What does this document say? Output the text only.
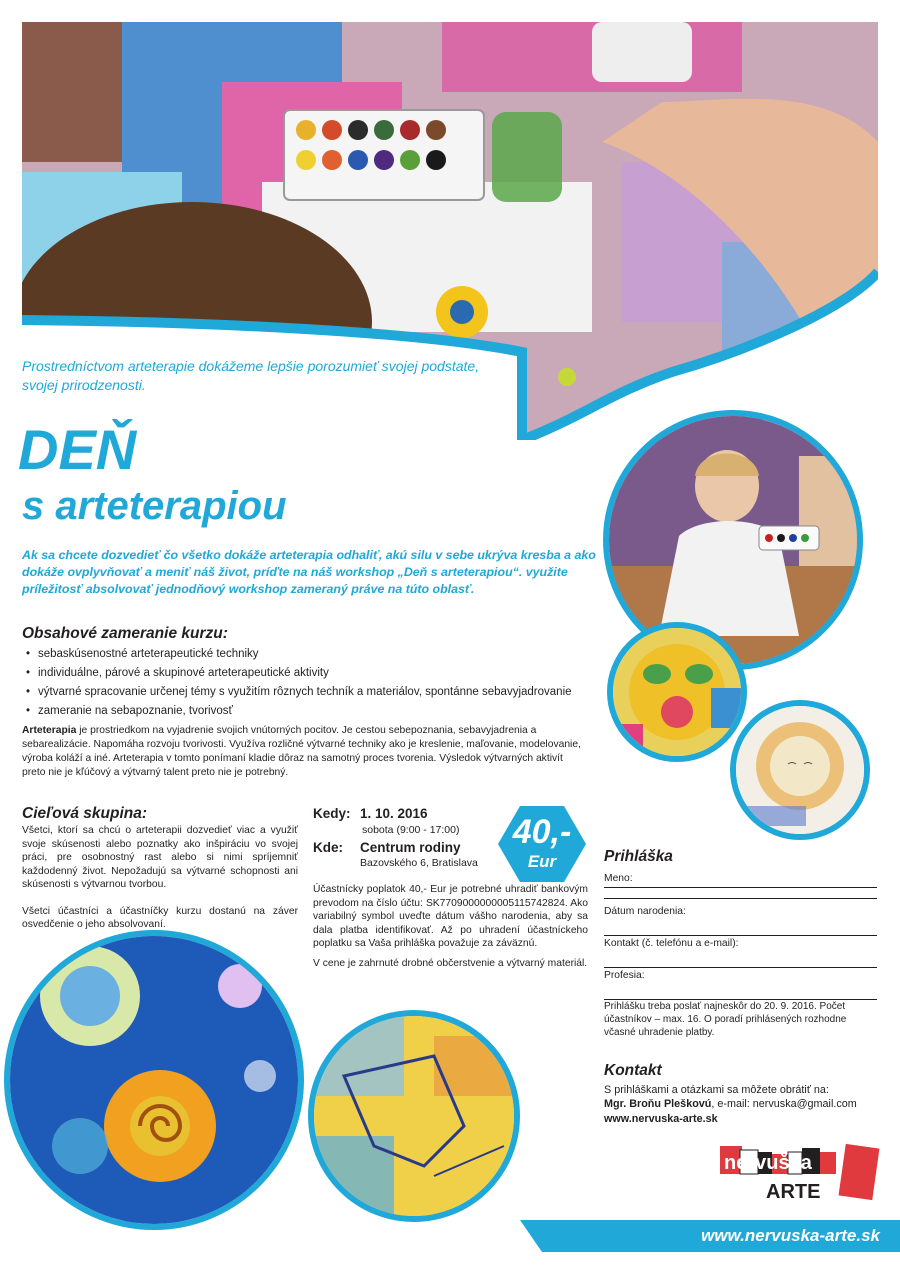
Prostredníctvom arteterapie dokážeme lepšie porozumieť svojej podstate, svojej prirodzenosti.
DEŇ
s arteterapiou
Ak sa chcete dozvedieť čo všetko dokáže arteterapia odhaliť, akú silu v sebe ukrýva kresba a ako dokáže ovplyvňovať a meniť náš život, príďte na náš workshop „Deň s arteterapiou“. využite príležitosť absolvovať jednodňový workshop zameraný práve na túto oblasť.
Obsahové zameranie kurzu:
• sebaskúsenostné arteterapeutické techniky
• individuálne, párové a skupinové arteterapeutické aktivity
• výtvarné spracovanie určenej témy s využitím rôznych techník a materiálov, spontánne sebavyjadrovanie
• zameranie na sebapoznanie, tvorivosť
Arteterapia je prostriedkom na vyjadrenie svojich vnútorných pocitov. Je cestou sebepoznania, sebavyjadrenia a sebarealizácie. Napomáha rozvoju tvorivosti. Využíva rozličné výtvarné techniky ako je kreslenie, maľovanie, modelovanie, výroba koláží a iné. Arteterapia v tomto ponímaní kladie dôraz na samotný proces tvorenia. Výsledok výtvarných aktivít preto nie je kľúčový a výtvarný talent preto nie je potrebný.
Cieľová skupina:
Všetci, ktorí sa chcú o arteterapii dozvedieť viac a využiť svoje skúsenosti alebo poznatky ako inšpiráciu vo svojej práci, pre osobnostný rast alebo si nimi spríjemniť každodenný život. Nepožadujú sa výtvarné schopnosti ani skúsenosti s výtvarnou tvorbou.
Všetci účastníci a účastníčky kurzu dostanú na záver osvedčenie o jeho absolvovaní.
Kedy: 1. 10. 2016
sobota (9:00 - 17:00)
Kde: Centrum rodiny
Bazovského 6, Bratislava
40,-
Eur
Účastnícky poplatok 40,- Eur je potrebné uhradiť bankovým prevodom na číslo účtu: SK7709000000005115742824. Ako variabilný symbol uveďte dátum vášho narodenia, aby sa dala platba identifikovať. Až po uhradení účastníckeho poplatku sa Vaša prihláška považuje za záväznú.
V cene je zahrnuté drobné občerstvenie a výtvarný materiál.
Prihláška
Meno:
Dátum narodenia:
Kontakt (č. telefónu a e-mail):
Profesia:
Prihlášku treba poslať najneskôr do 20. 9. 2016. Počet účastníkov – max. 16. O poradí prihlásených rozhodne včasné uhradenie platby.
Kontakt
S prihláškami a otázkami sa môžete obrátiť na:
Mgr. Broňu Pleškovú, e-mail: nervuska@gmail.com
www.nervuska-arte.sk
nervuška
ARTE
www.nervuska-arte.sk
